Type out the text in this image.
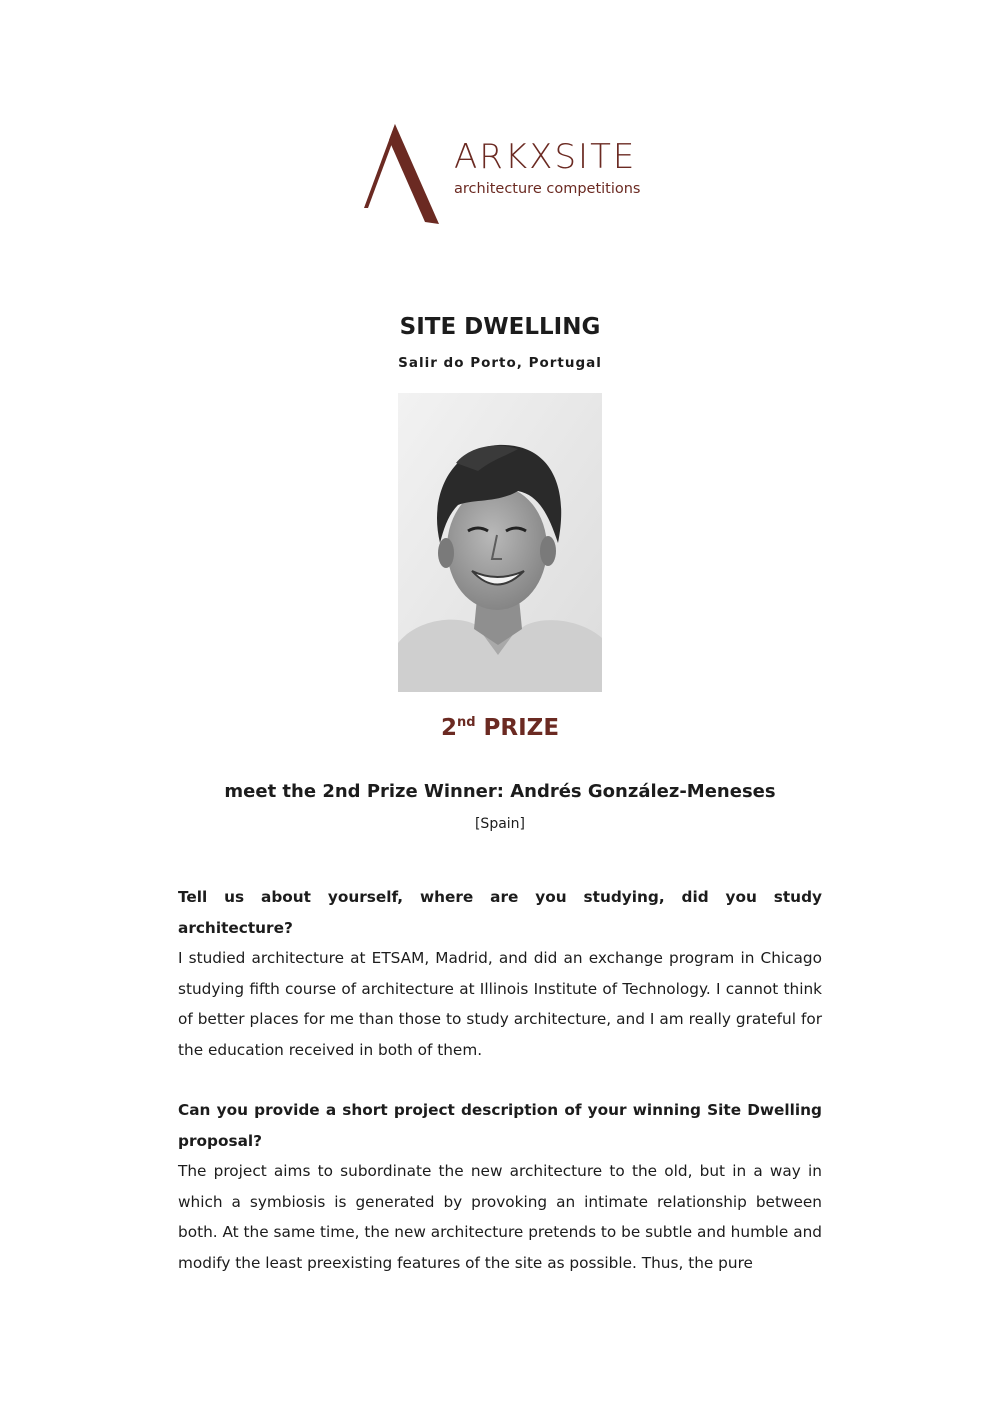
ARKXSITE
architecture competitions
SITE DWELLING
Salir do Porto, Portugal
2nd PRIZE
meet the 2nd Prize Winner: Andrés González-Meneses
[Spain]

Tell us about yourself, where are you studying, did you study architecture?

I studied architecture at ETSAM, Madrid, and did an exchange program in Chicago studying fifth course of architecture at Illinois Institute of Technology. I cannot think of better places for me than those to study architecture, and I am really grateful for the education received in both of them.

Can you provide a short project description of your winning Site Dwelling proposal?

The project aims to subordinate the new architecture to the old, but in a way in which a symbiosis is generated by provoking an intimate relationship between both. At the same time, the new architecture pretends to be subtle and humble and modify the least preexisting features of the site as possible. Thus, the pure
